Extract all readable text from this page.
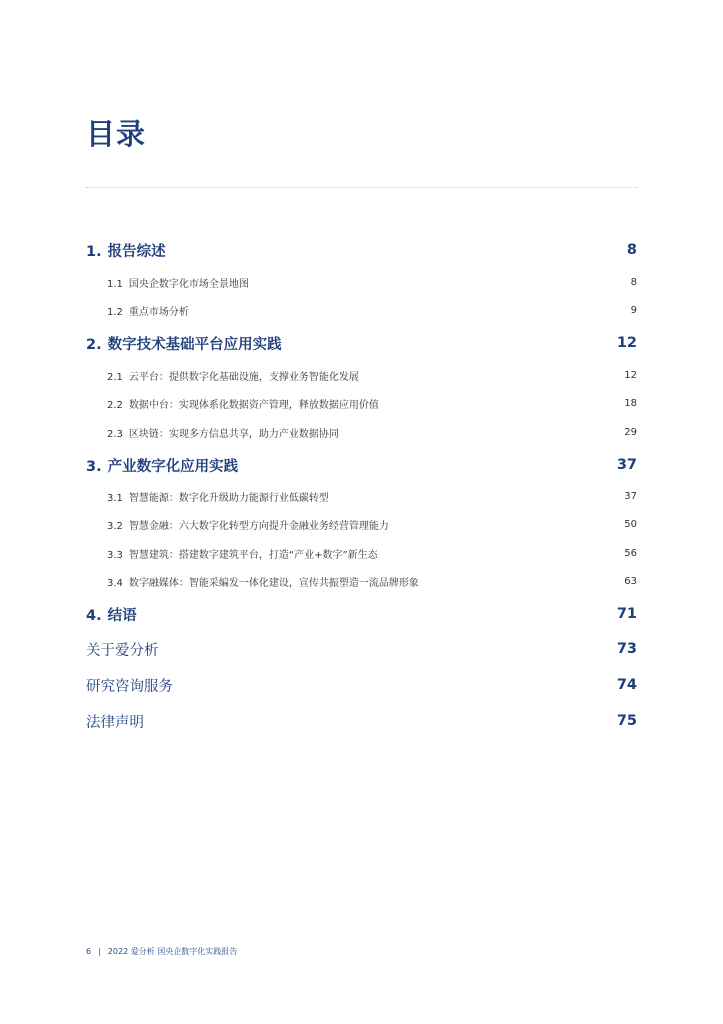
目录
1. 报告综述	8
1.1 国央企数字化市场全景地图	8
1.2 重点市场分析	9
2. 数字技术基础平台应用实践	12
2.1 云平台：提供数字化基础设施，支撑业务智能化发展	12
2.2 数据中台：实现体系化数据资产管理，释放数据应用价值	18
2.3 区块链：实现多方信息共享，助力产业数据协同	29
3. 产业数字化应用实践	37
3.1 智慧能源：数字化升级助力能源行业低碳转型	37
3.2 智慧金融：六大数字化转型方向提升金融业务经营管理能力	50
3.3 智慧建筑：搭建数字建筑平台，打造“产业+数字”新生态	56
3.4 数字融媒体：智能采编发一体化建设，宣传共振塑造一流品牌形象	63
4. 结语	71
关于爱分析	73
研究咨询服务	74
法律声明	75
6 | 2022 爱分析 国央企数字化实践报告
